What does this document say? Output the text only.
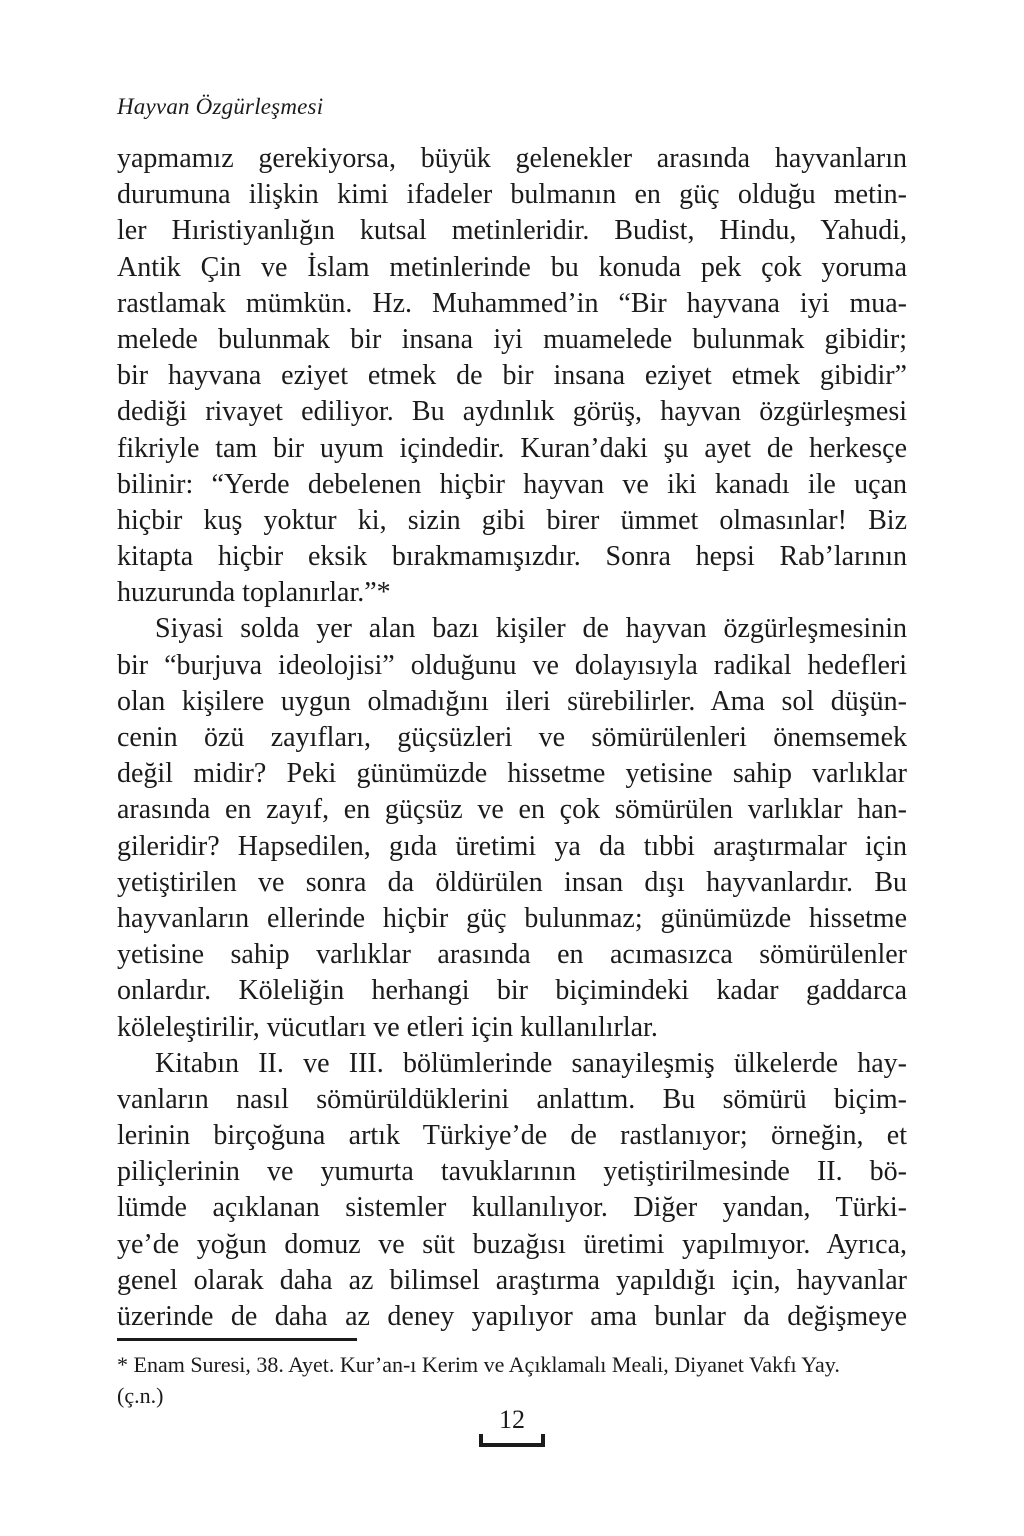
Hayvan Özgürleşmesi
yapmamız gerekiyorsa, büyük gelenekler arasında hayvanların
durumuna ilişkin kimi ifadeler bulmanın en güç olduğu metin-
ler Hıristiyanlığın kutsal metinleridir. Budist, Hindu, Yahudi,
Antik Çin ve İslam metinlerinde bu konuda pek çok yoruma
rastlamak mümkün. Hz. Muhammed’in “Bir hayvana iyi mua-
melede bulunmak bir insana iyi muamelede bulunmak gibidir;
bir hayvana eziyet etmek de bir insana eziyet etmek gibidir”
dediği rivayet ediliyor. Bu aydınlık görüş, hayvan özgürleşmesi
fikriyle tam bir uyum içindedir. Kuran’daki şu ayet de herkesçe
bilinir: “Yerde debelenen hiçbir hayvan ve iki kanadı ile uçan
hiçbir kuş yoktur ki, sizin gibi birer ümmet olmasınlar! Biz
kitapta hiçbir eksik bırakmamışızdır. Sonra hepsi Rab’larının
huzurunda toplanırlar.”*
Siyasi solda yer alan bazı kişiler de hayvan özgürleşmesinin
bir “burjuva ideolojisi” olduğunu ve dolayısıyla radikal hedefleri
olan kişilere uygun olmadığını ileri sürebilirler. Ama sol düşün-
cenin özü zayıfları, güçsüzleri ve sömürülenleri önemsemek
değil midir? Peki günümüzde hissetme yetisine sahip varlıklar
arasında en zayıf, en güçsüz ve en çok sömürülen varlıklar han-
gileridir? Hapsedilen, gıda üretimi ya da tıbbi araştırmalar için
yetiştirilen ve sonra da öldürülen insan dışı hayvanlardır. Bu
hayvanların ellerinde hiçbir güç bulunmaz; günümüzde hissetme
yetisine sahip varlıklar arasında en acımasızca sömürülenler
onlardır. Köleliğin herhangi bir biçimindeki kadar gaddarca
köleleştirilir, vücutları ve etleri için kullanılırlar.
Kitabın II. ve III. bölümlerinde sanayileşmiş ülkelerde hay-
vanların nasıl sömürüldüklerini anlattım. Bu sömürü biçim-
lerinin birçoğuna artık Türkiye’de de rastlanıyor; örneğin, et
piliçlerinin ve yumurta tavuklarının yetiştirilmesinde II. bö-
lümde açıklanan sistemler kullanılıyor. Diğer yandan, Türki-
ye’de yoğun domuz ve süt buzağısı üretimi yapılmıyor. Ayrıca,
genel olarak daha az bilimsel araştırma yapıldığı için, hayvanlar
üzerinde de daha az deney yapılıyor ama bunlar da değişmeye
* Enam Suresi, 38. Ayet. Kur’an-ı Kerim ve Açıklamalı Meali, Diyanet Vakfı Yay.
(ç.n.)
12
